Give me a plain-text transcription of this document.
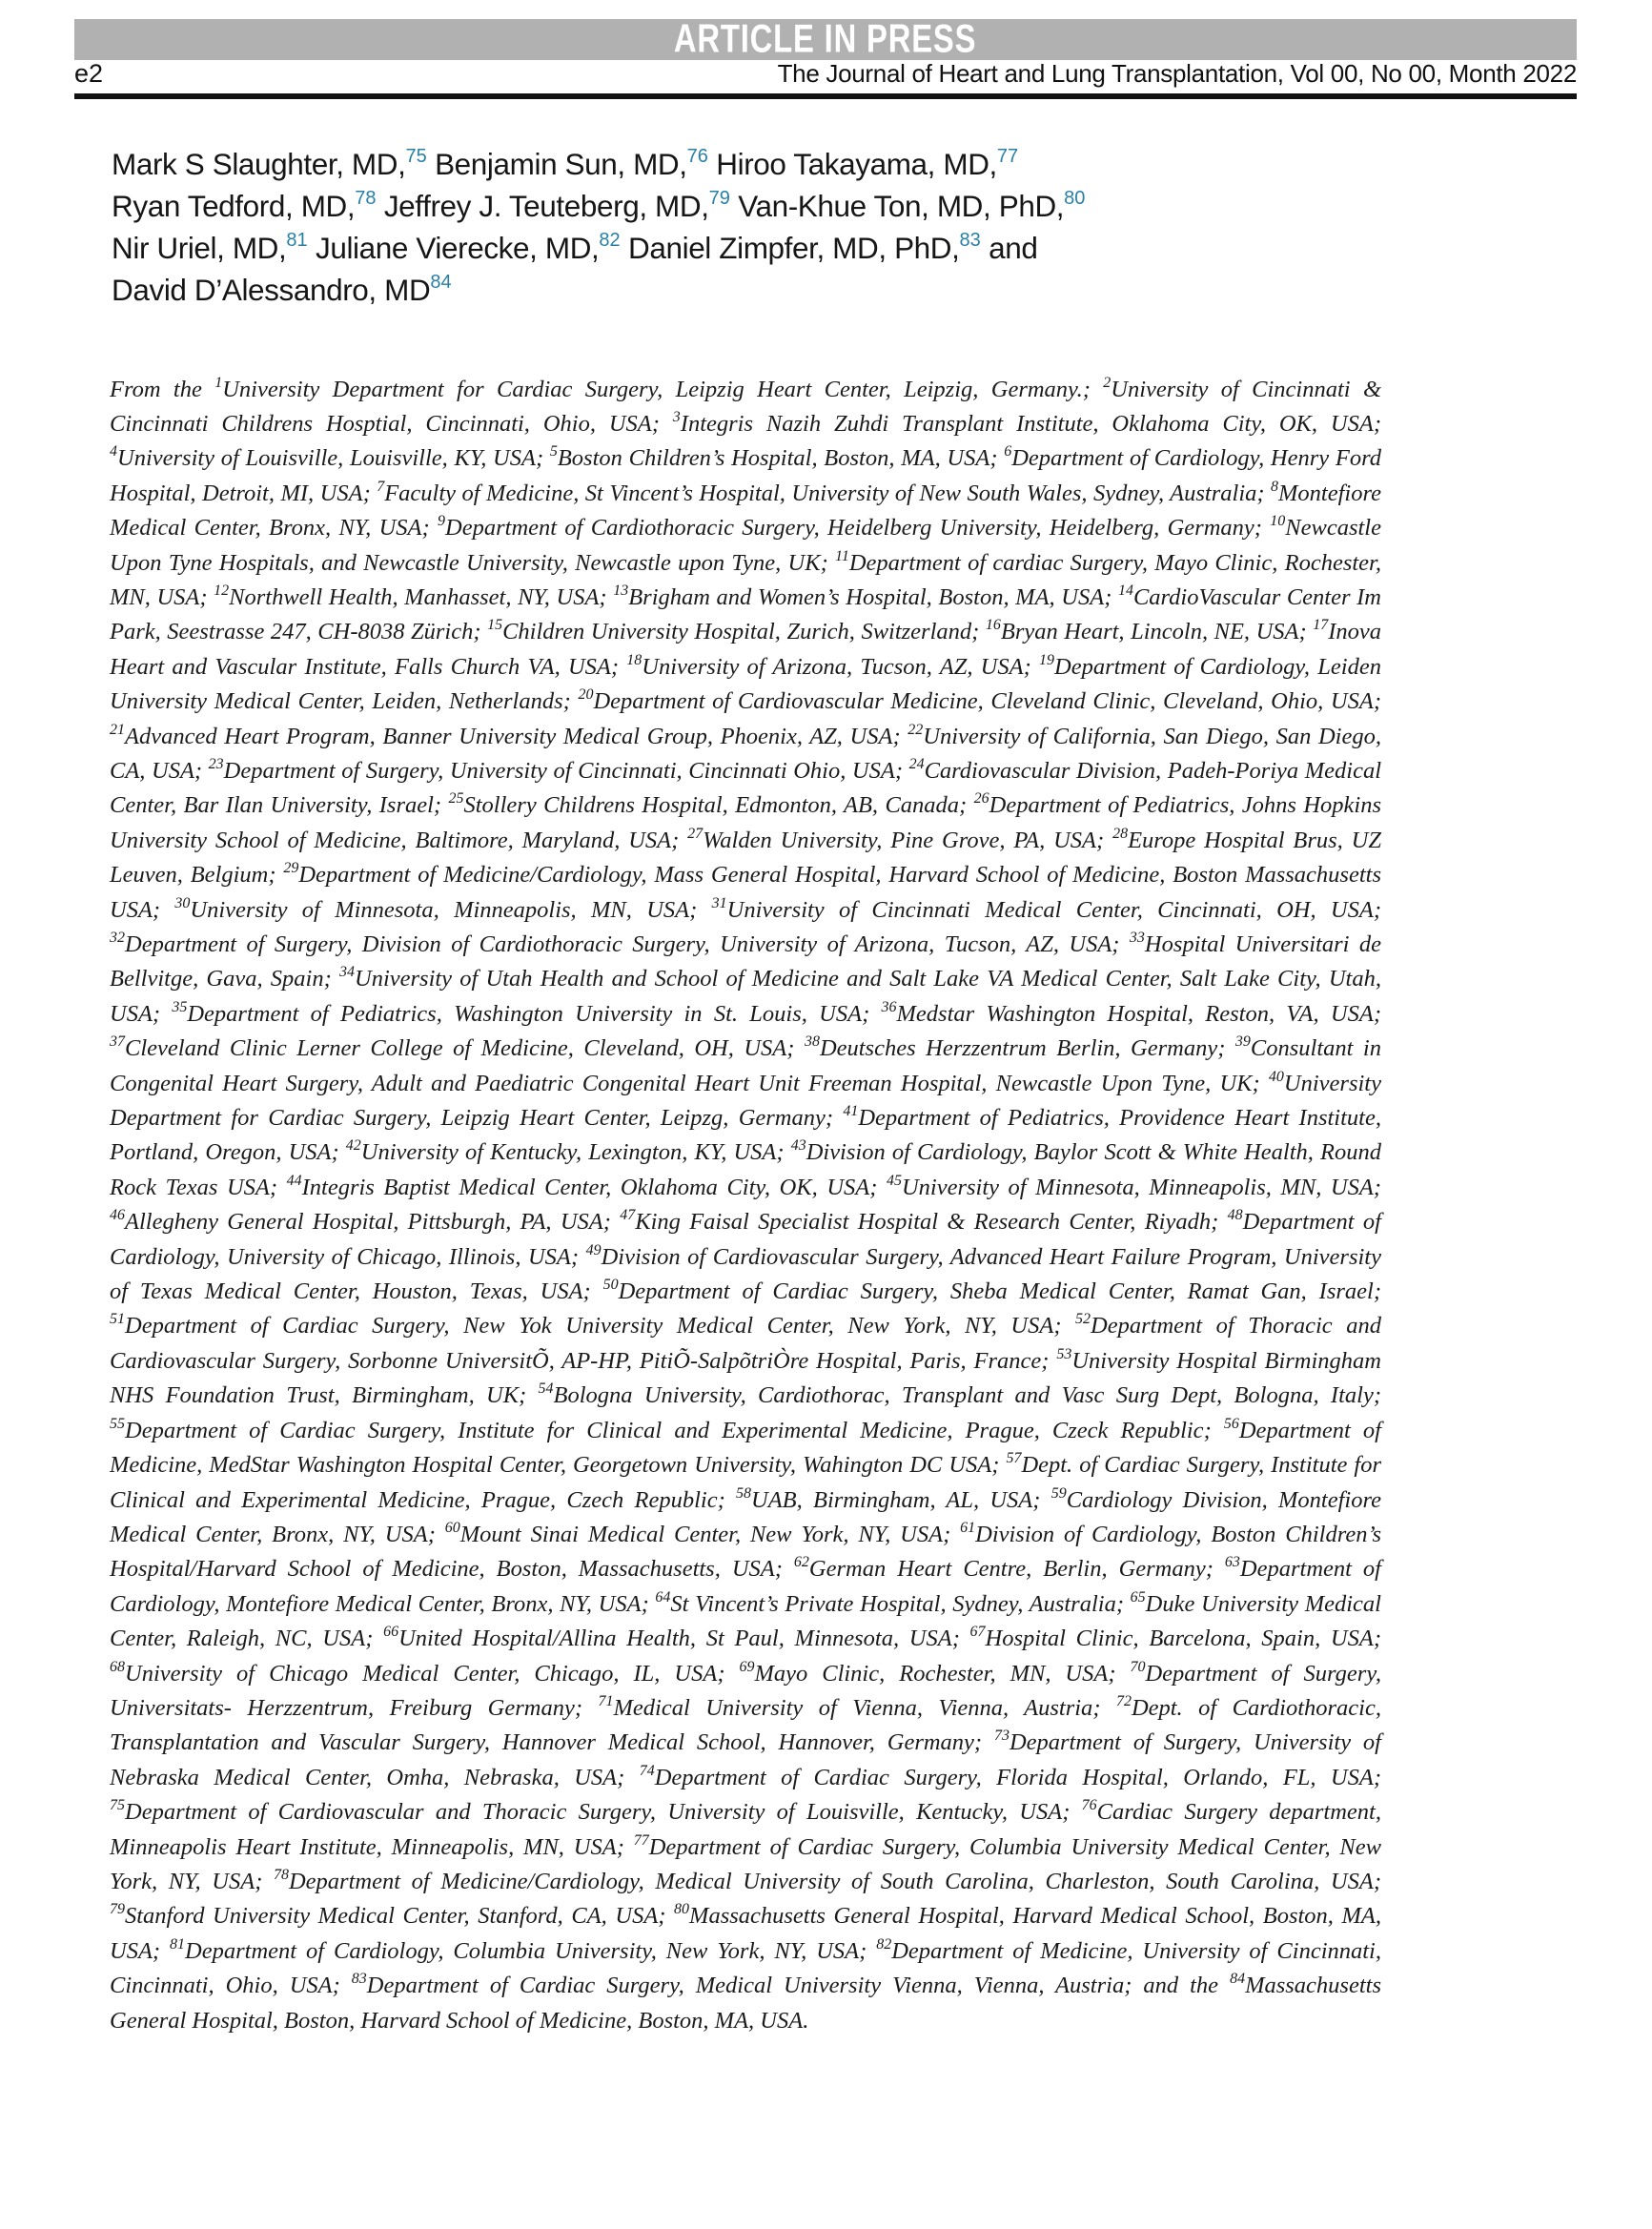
ARTICLE IN PRESS
e2	The Journal of Heart and Lung Transplantation, Vol 00, No 00, Month 2022

Mark S Slaughter, MD,$^{75}$ Benjamin Sun, MD,$^{76}$ Hiroo Takayama, MD,$^{77}$
Ryan Tedford, MD,$^{78}$ Jeffrey J. Teuteberg, MD,$^{79}$ Van-Khue Ton, MD, PhD,$^{80}$
Nir Uriel, MD,$^{81}$ Juliane Vierecke, MD,$^{82}$ Daniel Zimpfer, MD, PhD,$^{83}$ and
David D’Alessandro, MD$^{84}$

From the $^1$University Department for Cardiac Surgery, Leipzig Heart Center, Leipzig, Germany.; $^2$University of Cincinnati & Cincinnati Childrens Hosptial, Cincinnati, Ohio, USA; $^3$Integris Nazih Zuhdi Transplant Institute, Oklahoma City, OK, USA; $^4$University of Louisville, Louisville, KY, USA; $^5$Boston Children’s Hospital, Boston, MA, USA; $^6$Department of Cardiology, Henry Ford Hospital, Detroit, MI, USA; $^7$Faculty of Medicine, St Vincent’s Hospital, University of New South Wales, Sydney, Australia; $^8$Montefiore Medical Center, Bronx, NY, USA; $^9$Department of Cardiothoracic Surgery, Heidelberg University, Heidelberg, Germany; $^{10}$Newcastle Upon Tyne Hospitals, and Newcastle University, Newcastle upon Tyne, UK; $^{11}$Department of cardiac Surgery, Mayo Clinic, Rochester, MN, USA; $^{12}$Northwell Health, Manhasset, NY, USA; $^{13}$Brigham and Women’s Hospital, Boston, MA, USA; $^{14}$CardioVascular Center Im Park, Seestrasse 247, CH-8038 Zürich; $^{15}$Children University Hospital, Zurich, Switzerland; $^{16}$Bryan Heart, Lincoln, NE, USA; $^{17}$Inova Heart and Vascular Institute, Falls Church VA, USA; $^{18}$University of Arizona, Tucson, AZ, USA; $^{19}$Department of Cardiology, Leiden University Medical Center, Leiden, Netherlands; $^{20}$Department of Cardiovascular Medicine, Cleveland Clinic, Cleveland, Ohio, USA; $^{21}$Advanced Heart Program, Banner University Medical Group, Phoenix, AZ, USA; $^{22}$University of California, San Diego, San Diego, CA, USA; $^{23}$Department of Surgery, University of Cincinnati, Cincinnati Ohio, USA; $^{24}$Cardiovascular Division, Padeh-Poriya Medical Center, Bar Ilan University, Israel; $^{25}$Stollery Childrens Hospital, Edmonton, AB, Canada; $^{26}$Department of Pediatrics, Johns Hopkins University School of Medicine, Baltimore, Maryland, USA; $^{27}$Walden University, Pine Grove, PA, USA; $^{28}$Europe Hospital Brus, UZ Leuven, Belgium; $^{29}$Department of Medicine/Cardiology, Mass General Hospital, Harvard School of Medicine, Boston Massachusetts USA; $^{30}$University of Minnesota, Minneapolis, MN, USA; $^{31}$University of Cincinnati Medical Center, Cincinnati, OH, USA; $^{32}$Department of Surgery, Division of Cardiothoracic Surgery, University of Arizona, Tucson, AZ, USA; $^{33}$Hospital Universitari de Bellvitge, Gava, Spain; $^{34}$University of Utah Health and School of Medicine and Salt Lake VA Medical Center, Salt Lake City, Utah, USA; $^{35}$Department of Pediatrics, Washington University in St. Louis, USA; $^{36}$Medstar Washington Hospital, Reston, VA, USA; $^{37}$Cleveland Clinic Lerner College of Medicine, Cleveland, OH, USA; $^{38}$Deutsches Herzzentrum Berlin, Germany; $^{39}$Consultant in Congenital Heart Surgery, Adult and Paediatric Congenital Heart Unit Freeman Hospital, Newcastle Upon Tyne, UK; $^{40}$University Department for Cardiac Surgery, Leipzig Heart Center, Leipzg, Germany; $^{41}$Department of Pediatrics, Providence Heart Institute, Portland, Oregon, USA; $^{42}$University of Kentucky, Lexington, KY, USA; $^{43}$Division of Cardiology, Baylor Scott & White Health, Round Rock Texas USA; $^{44}$Integris Baptist Medical Center, Oklahoma City, OK, USA; $^{45}$University of Minnesota, Minneapolis, MN, USA; $^{46}$Allegheny General Hospital, Pittsburgh, PA, USA; $^{47}$King Faisal Specialist Hospital & Research Center, Riyadh; $^{48}$Department of Cardiology, University of Chicago, Illinois, USA; $^{49}$Division of Cardiovascular Surgery, Advanced Heart Failure Program, University of Texas Medical Center, Houston, Texas, USA; $^{50}$Department of Cardiac Surgery, Sheba Medical Center, Ramat Gan, Israel; $^{51}$Department of Cardiac Surgery, New Yok University Medical Center, New York, NY, USA; $^{52}$Department of Thoracic and Cardiovascular Surgery, Sorbonne UniversitÕ, AP-HP, PitiÕ-SalpõtriÒre Hospital, Paris, France; $^{53}$University Hospital Birmingham NHS Foundation Trust, Birmingham, UK; $^{54}$Bologna University, Cardiothorac, Transplant and Vasc Surg Dept, Bologna, Italy; $^{55}$Department of Cardiac Surgery, Institute for Clinical and Experimental Medicine, Prague, Czeck Republic; $^{56}$Department of Medicine, MedStar Washington Hospital Center, Georgetown University, Wahington DC USA; $^{57}$Dept. of Cardiac Surgery, Institute for Clinical and Experimental Medicine, Prague, Czech Republic; $^{58}$UAB, Birmingham, AL, USA; $^{59}$Cardiology Division, Montefiore Medical Center, Bronx, NY, USA; $^{60}$Mount Sinai Medical Center, New York, NY, USA; $^{61}$Division of Cardiology, Boston Children’s Hospital/Harvard School of Medicine, Boston, Massachusetts, USA; $^{62}$German Heart Centre, Berlin, Germany; $^{63}$Department of Cardiology, Montefiore Medical Center, Bronx, NY, USA; $^{64}$St Vincent’s Private Hospital, Sydney, Australia; $^{65}$Duke University Medical Center, Raleigh, NC, USA; $^{66}$United Hospital/Allina Health, St Paul, Minnesota, USA; $^{67}$Hospital Clinic, Barcelona, Spain, USA; $^{68}$University of Chicago Medical Center, Chicago, IL, USA; $^{69}$Mayo Clinic, Rochester, MN, USA; $^{70}$Department of Surgery, Universitats- Herzzentrum, Freiburg Germany; $^{71}$Medical University of Vienna, Vienna, Austria; $^{72}$Dept. of Cardiothoracic, Transplantation and Vascular Surgery, Hannover Medical School, Hannover, Germany; $^{73}$Department of Surgery, University of Nebraska Medical Center, Omha, Nebraska, USA; $^{74}$Department of Cardiac Surgery, Florida Hospital, Orlando, FL, USA; $^{75}$Department of Cardiovascular and Thoracic Surgery, University of Louisville, Kentucky, USA; $^{76}$Cardiac Surgery department, Minneapolis Heart Institute, Minneapolis, MN, USA; $^{77}$Department of Cardiac Surgery, Columbia University Medical Center, New York, NY, USA; $^{78}$Department of Medicine/Cardiology, Medical University of South Carolina, Charleston, South Carolina, USA; $^{79}$Stanford University Medical Center, Stanford, CA, USA; $^{80}$Massachusetts General Hospital, Harvard Medical School, Boston, MA, USA; $^{81}$Department of Cardiology, Columbia University, New York, NY, USA; $^{82}$Department of Medicine, University of Cincinnati, Cincinnati, Ohio, USA; $^{83}$Department of Cardiac Surgery, Medical University Vienna, Vienna, Austria; and the $^{84}$Massachusetts General Hospital, Boston, Harvard School of Medicine, Boston, MA, USA.
